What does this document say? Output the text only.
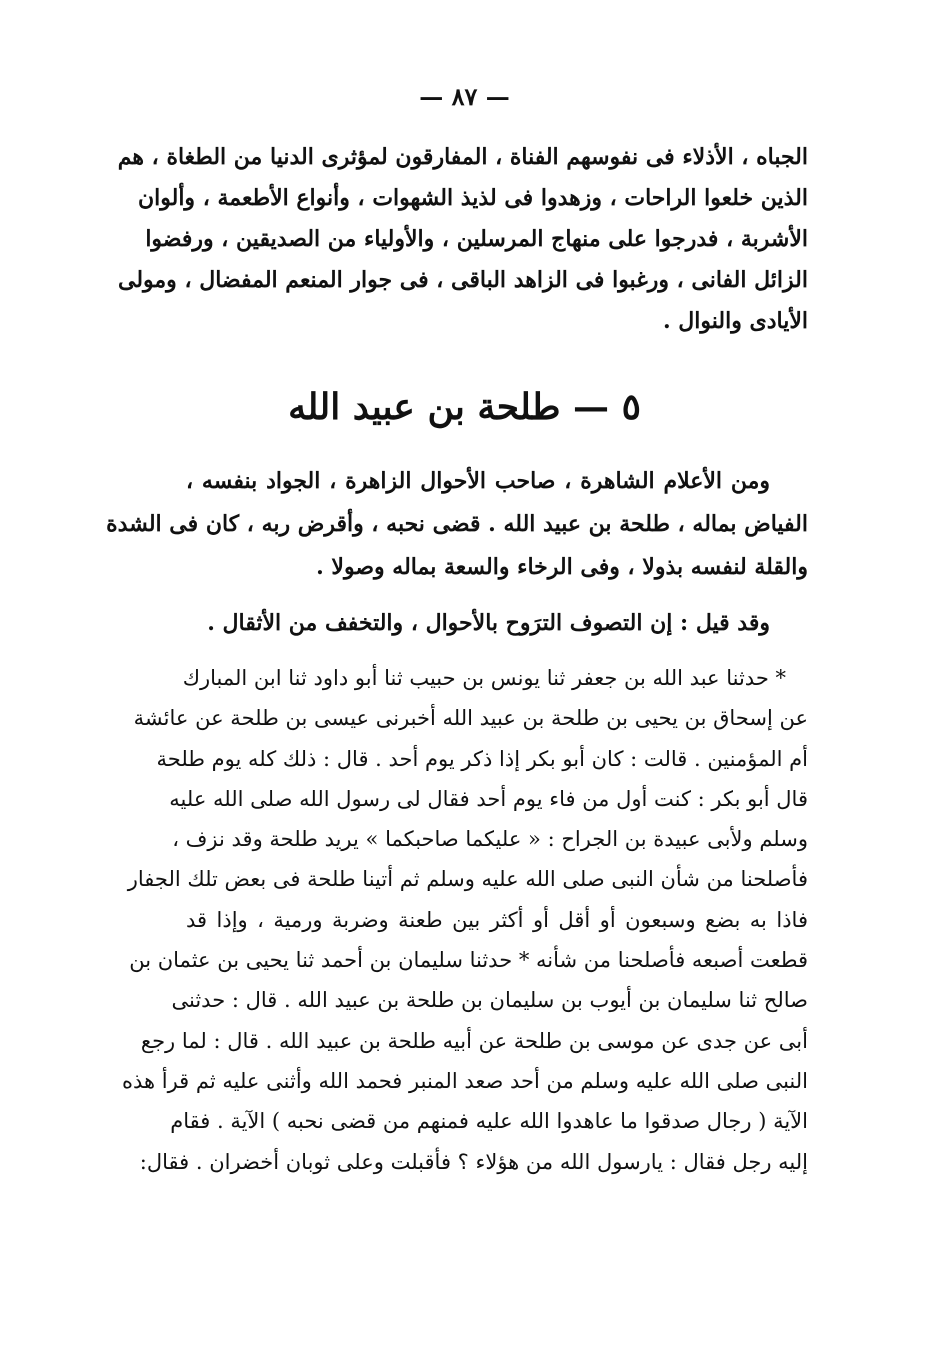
— ٨٧ —
الجباه ، الأذلاء فى نفوسهم الفناة ، المفارقون لمؤثرى الدنيا من الطغاة ، هم
الذين خلعوا الراحات ، وزهدوا فى لذيذ الشهوات ، وأنواع الأطعمة ، وألوان
الأشربة ، فدرجوا على منهاج المرسلين ، والأولياء من الصديقين ، ورفضوا
الزائل الفانى ، ورغبوا فى الزاهد الباقى ، فى جوار المنعم المفضال ، ومولى
الأيادى والنوال .
٥ — طلحة بن عبيد الله
ومن الأعلام الشاهرة ، صاحب الأحوال الزاهرة ، الجواد بنفسه ،
الفياض بماله ، طلحة بن عبيد الله . قضى نحبه ، وأقرض ربه ، كان فى الشدة
والقلة لنفسه بذولا ، وفى الرخاء والسعة بماله وصولا .
وقد قيل : إن التصوف الترَوح بالأحوال ، والتخفف من الأثقال .
* حدثنا عبد الله بن جعفر ثنا يونس بن حبيب ثنا أبو داود ثنا ابن المبارك
عن إسحاق بن يحيى بن طلحة بن عبيد الله أخبرنى عيسى بن طلحة عن عائشة
أم المؤمنين . قالت : كان أبو بكر إذا ذكر يوم أحد . قال : ذلك كله يوم طلحة
قال أبو بكر : كنت أول من فاء يوم أحد فقال لى رسول الله صلى الله عليه
وسلم ولأبى عبيدة بن الجراح : « عليكما صاحبكما » يريد طلحة وقد نزف ،
فأصلحنا من شأن النبى صلى الله عليه وسلم ثم أتينا طلحة فى بعض تلك الجفار
فاذا به بضع وسبعون أو أقل أو أكثر بين طعنة وضربة ورمية ، وإذا قد
قطعت أصبعه فأصلحنا من شأنه * حدثنا سليمان بن أحمد ثنا يحيى بن عثمان بن
صالح ثنا سليمان بن أيوب بن سليمان بن طلحة بن عبيد الله . قال : حدثنى
أبى عن جدى عن موسى بن طلحة عن أبيه طلحة بن عبيد الله . قال : لما رجع
النبى صلى الله عليه وسلم من أحد صعد المنبر فحمد الله وأثنى عليه ثم قرأ هذه
الآية ( رجال صدقوا ما عاهدوا الله عليه فمنهم من قضى نحبه ) الآية . فقام
إليه رجل فقال : يارسول الله من هؤلاء ؟ فأقبلت وعلى ثوبان أخضران . فقال:
